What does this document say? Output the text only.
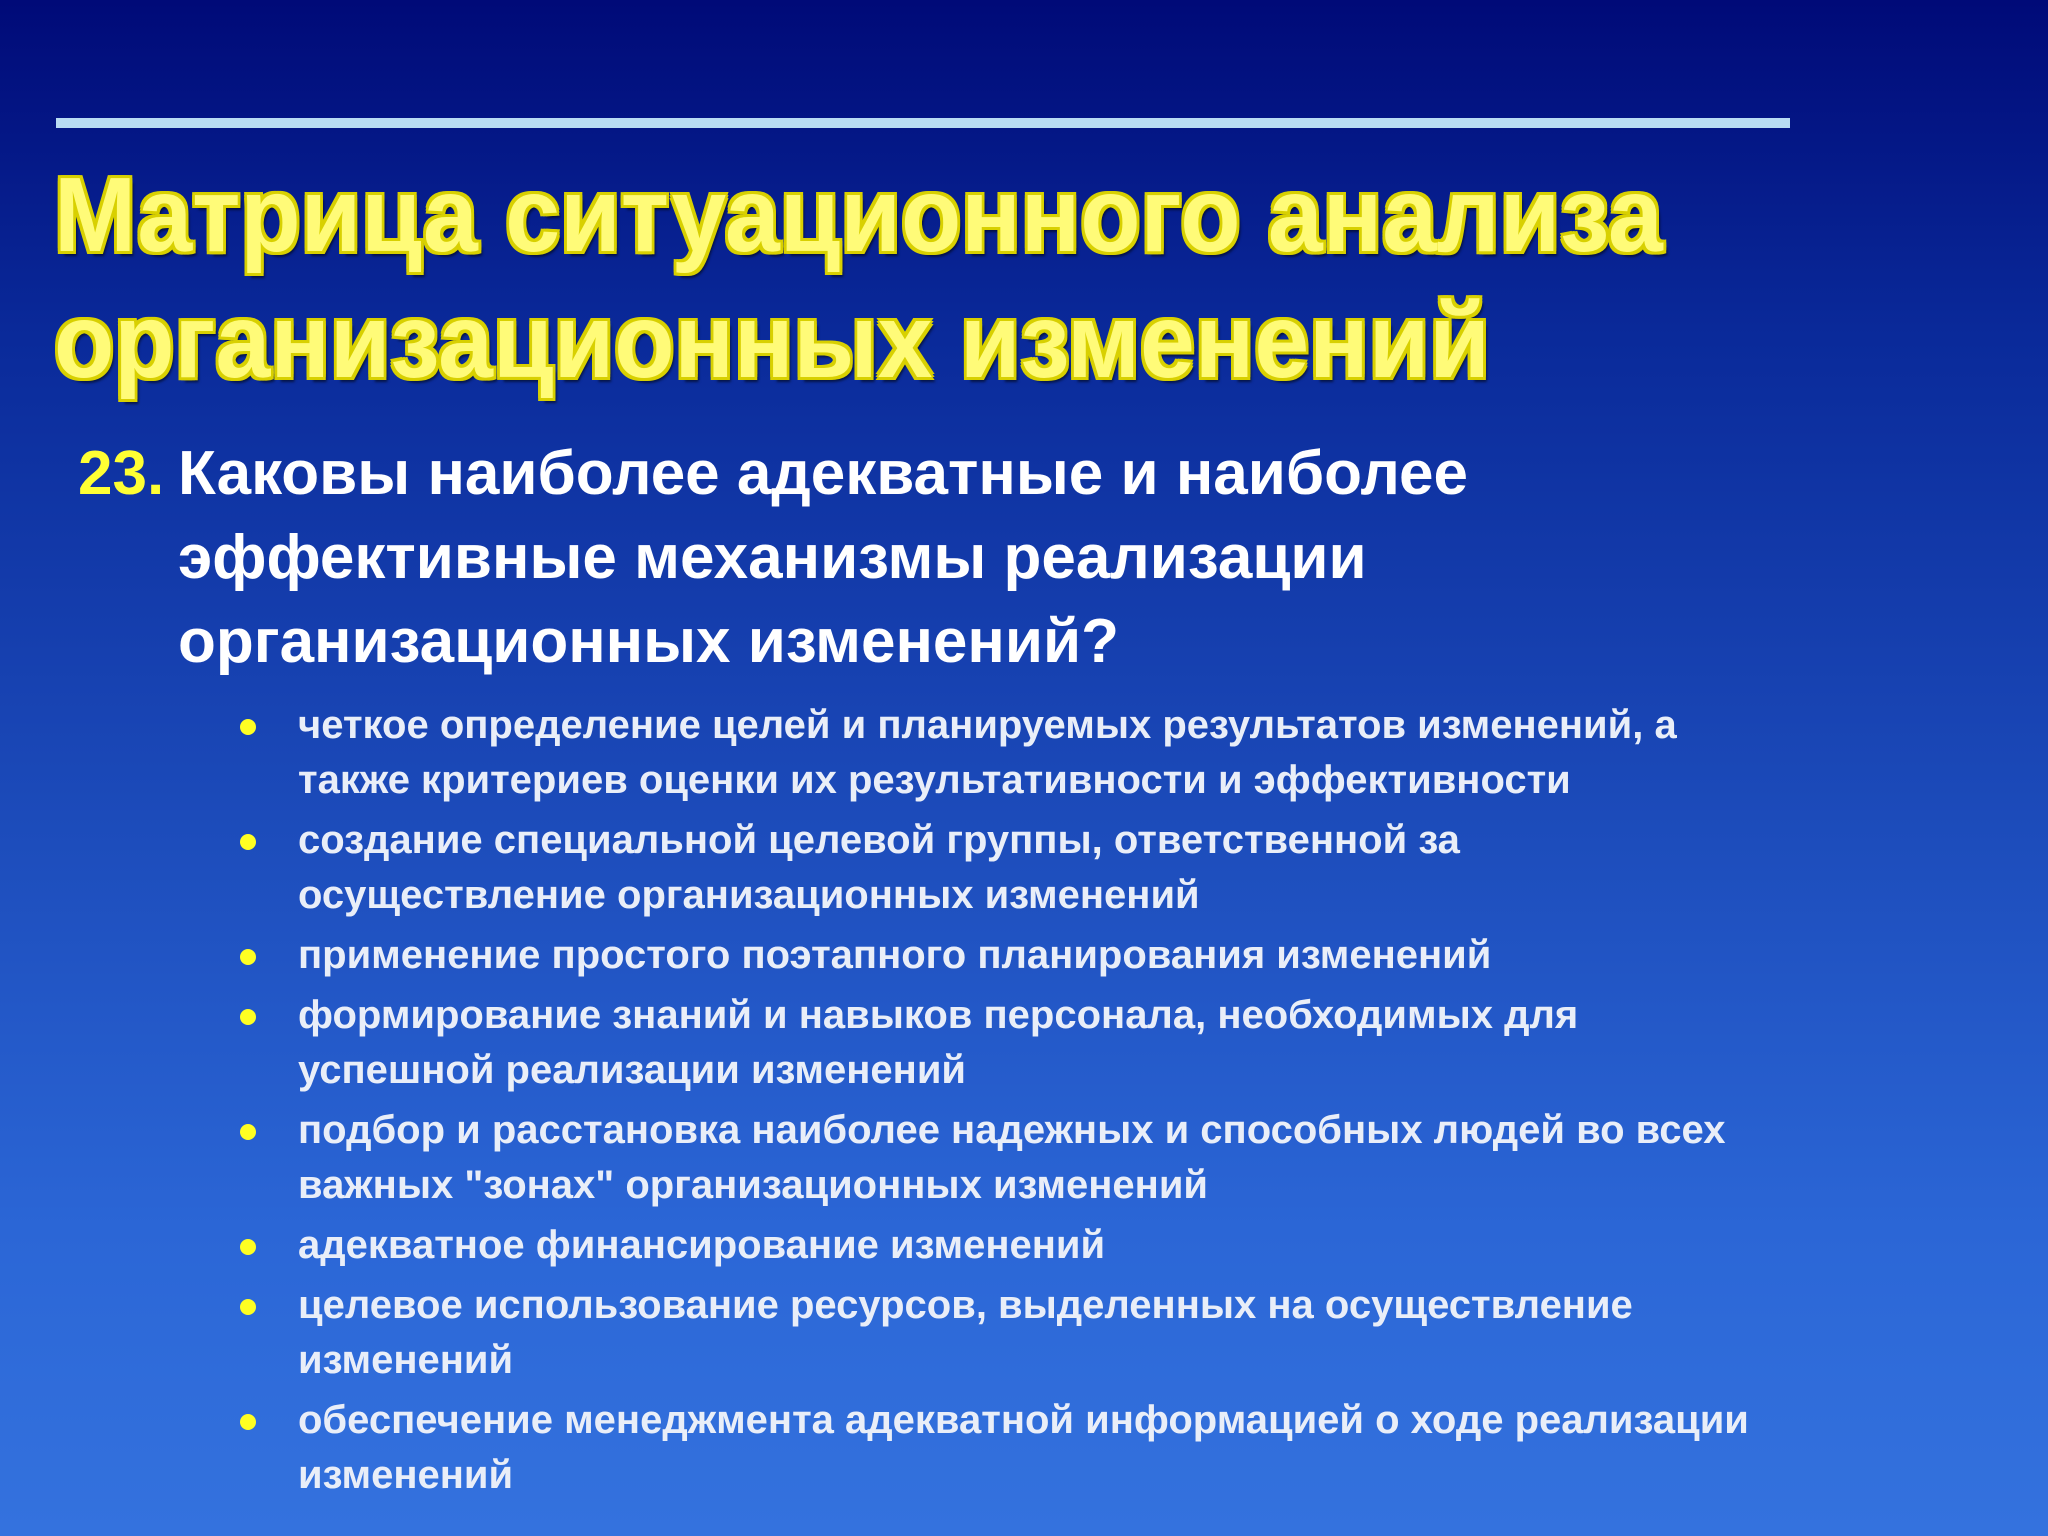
Матрица ситуационного анализа
организационных изменений
23. Каковы наиболее адекватные и наиболее
эффективные механизмы реализации
организационных изменений?
четкое определение целей и планируемых результатов изменений, а
также критериев оценки их результативности и эффективности
создание специальной целевой группы, ответственной за
осуществление организационных изменений
применение простого поэтапного планирования изменений
формирование знаний и навыков персонала, необходимых для
успешной реализации изменений
подбор и расстановка наиболее надежных и способных людей во всех
важных "зонах" организационных изменений
адекватное финансирование изменений
целевое использование ресурсов, выделенных на осуществление
изменений
обеспечение менеджмента адекватной информацией о ходе реализации
изменений
